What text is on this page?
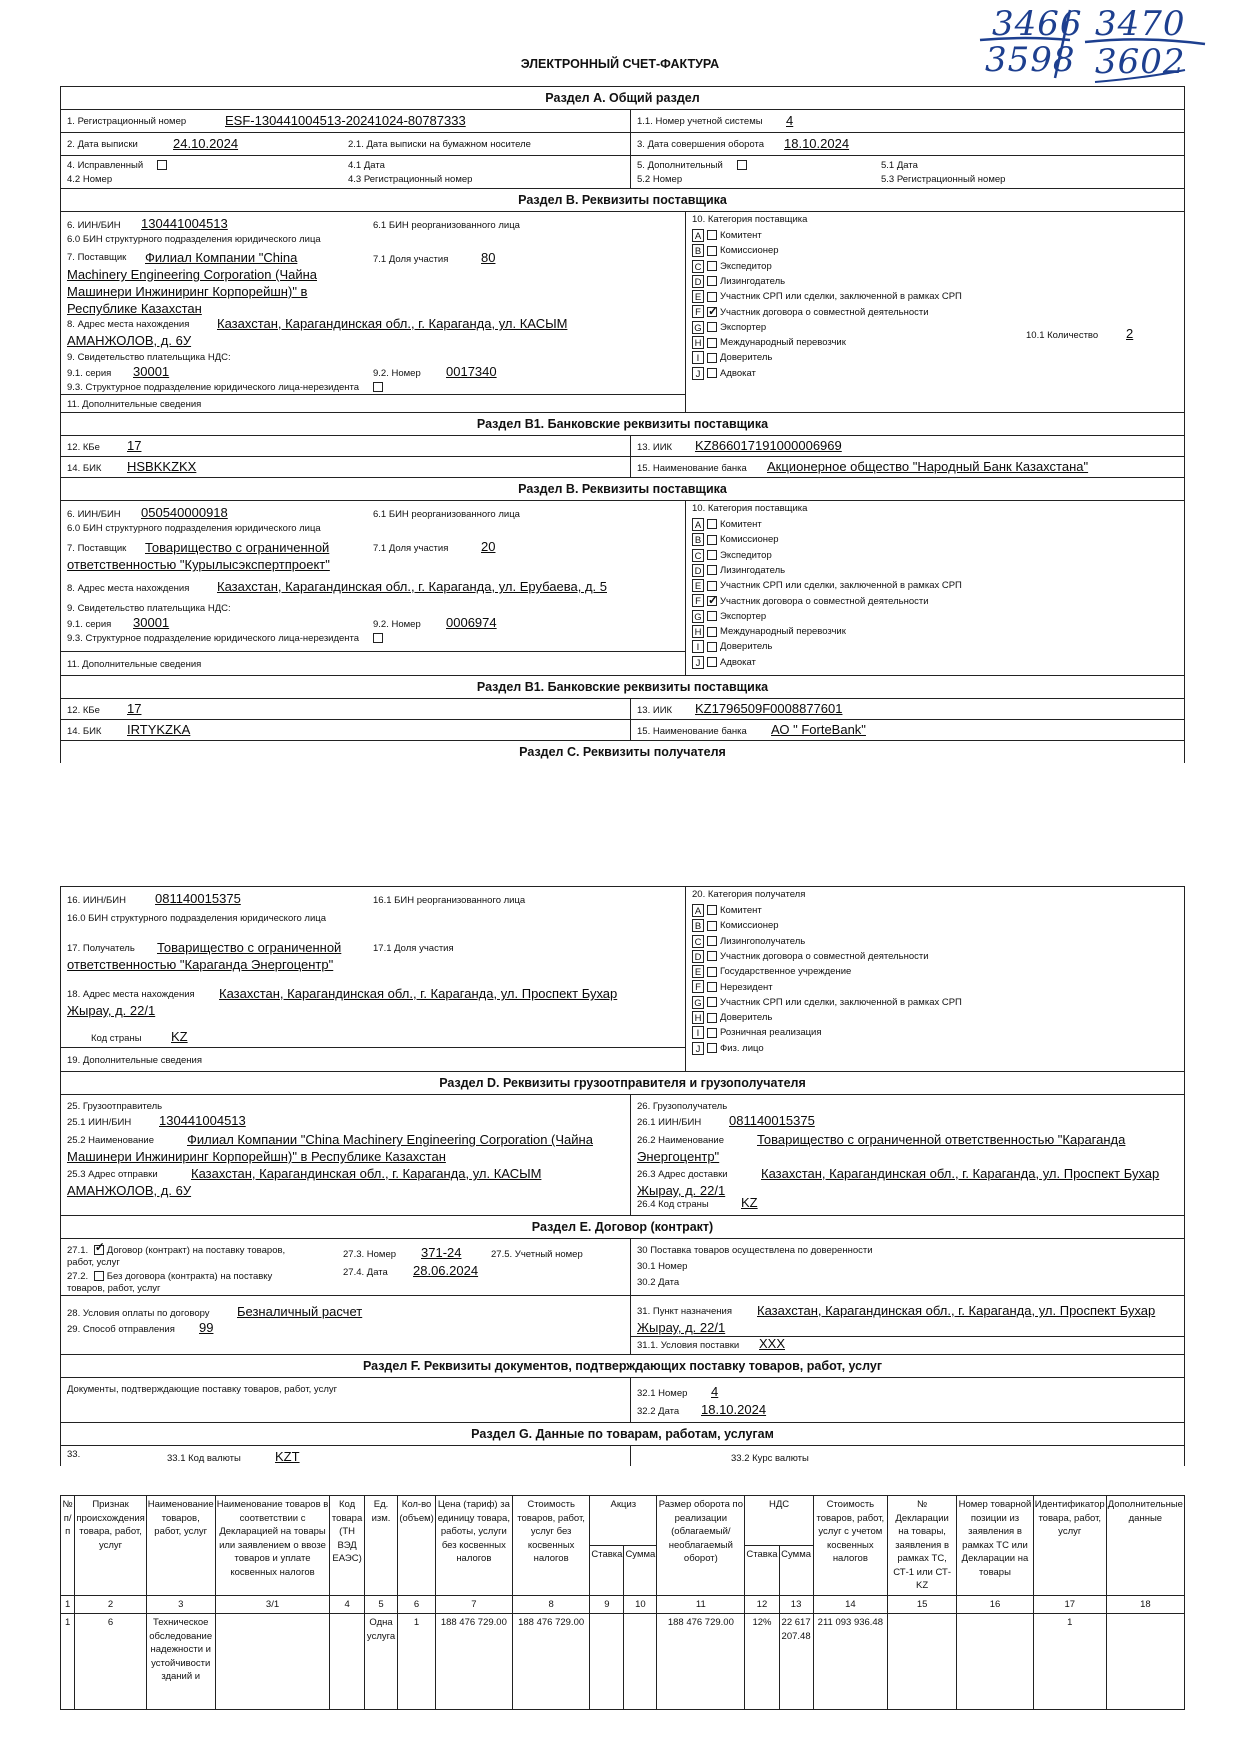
3466 3470
3598 3602
ЭЛЕКТРОННЫЙ СЧЕТ-ФАКТУРА
Раздел А. Общий раздел
1. Регистрационный номер	ESF-130441004513-20241024-80787333	1.1. Номер учетной системы 4
2. Дата выписки	24.10.2024	2.1. Дата выписки на бумажном носителе	3. Дата совершения оборота 18.10.2024
4. Исправленный
4.2 Номер
4.1 Дата
4.3 Регистрационный номер
5. Дополнительный
5.2 Номер
5.1 Дата
5.3 Регистрационный номер
Раздел В. Реквизиты поставщика
6. ИИН/БИН 130441004513	6.1 БИН реорганизованного лица
6.0 БИН структурного подразделения юридического лица
7. Поставщик	Филиал Компании "China Machinery Engineering Corporation (Чайна Машинери Инжиниринг Корпорейшн)" в Республике Казахстан
7.1 Доля участия	80
8. Адрес места нахождения	Казахстан, Карагандинская обл., г. Караганда, ул. КАСЫМ АМАНЖОЛОВ, д. 6У
9. Свидетельство плательщика НДС:
9.1. серия 30001	9.2. Номер 0017340
9.3. Структурное подразделение юридического лица-нерезидента
11. Дополнительные сведения
10. Категория поставщика
10.1 Количество 2
A Комитент
B Комиссионер
C Экспедитор
D Лизингодатель
E Участник СРП или сделки, заключенной в рамках СРП
F ✓ Участник договора о совместной деятельности
G Экспортер
H Международный перевозчик
I Доверитель
J Адвокат
Раздел В1. Банковские реквизиты поставщика
12. КБе 17	13. ИИК KZ866017191000006969
14. БИК HSBKKZKX	15. Наименование банка Акционерное общество "Народный Банк Казахстана"
Раздел В. Реквизиты поставщика
6. ИИН/БИН 050540000918	6.1 БИН реорганизованного лица
6.0 БИН структурного подразделения юридического лица
7. Поставщик	Товарищество с ограниченной ответственностью "Курылысэкспертпроект"
7.1 Доля участия	20
8. Адрес места нахождения Казахстан, Карагандинская обл., г. Караганда, ул. Ерубаева, д. 5
9. Свидетельство плательщика НДС:
9.1. серия 30001	9.2. Номер 0006974
9.3. Структурное подразделение юридического лица-нерезидента
11. Дополнительные сведения
10. Категория поставщика
A Комитент
B Комиссионер
C Экспедитор
D Лизингодатель
E Участник СРП или сделки, заключенной в рамках СРП
F ✓ Участник договора о совместной деятельности
G Экспортер
H Международный перевозчик
I Доверитель
J Адвокат
Раздел В1. Банковские реквизиты поставщика
12. КБе 17	13. ИИК KZ1796509F0008877601
14. БИК IRTYKZKA	15. Наименование банка АО " ForteBank"
Раздел С. Реквизиты получателя
16. ИИН/БИН 081140015375	16.1 БИН реорганизованного лица
16.0 БИН структурного подразделения юридического лица
17. Получатель	Товарищество с ограниченной ответственностью "Караганда Энергоцентр"
17.1 Доля участия
18. Адрес места нахождения	Казахстан, Карагандинская обл., г. Караганда, ул. Проспект Бухар Жырау, д. 22/1
Код страны KZ
19. Дополнительные сведения
20. Категория получателя
A Комитент
B Комиссионер
C Лизингополучатель
D Участник договора о совместной деятельности
E Государственное учреждение
F Нерезидент
G Участник СРП или сделки, заключенной в рамках СРП
H Доверитель
I Розничная реализация
J Физ. лицо
Раздел D. Реквизиты грузоотправителя и грузополучателя
25. Грузоотправитель
25.1 ИИН/БИН 130441004513
25.2 Наименование	Филиал Компании "China Machinery Engineering Corporation (Чайна Машинери Инжиниринг Корпорейшн)" в Республике Казахстан
25.3 Адрес отправки	Казахстан, Карагандинская обл., г. Караганда, ул. КАСЫМ АМАНЖОЛОВ, д. 6У
26. Грузополучатель
26.1 ИИН/БИН 081140015375
26.2 Наименование	Товарищество с ограниченной ответственностью "Караганда Энергоцентр"
26.3 Адрес доставки	Казахстан, Карагандинская обл., г. Караганда, ул. Проспект Бухар Жырау, д. 22/1
26.4 Код страны KZ
Раздел Е. Договор (контракт)
27.1. ✓ Договор (контракт) на поставку товаров, работ, услуг
27.2. Без договора (контракта) на поставку товаров, работ, услуг
27.3. Номер 371-24	27.5. Учетный номер
27.4. Дата 28.06.2024
30 Поставка товаров осуществлена по доверенности
30.1 Номер
30.2 Дата
28. Условия оплаты по договору Безналичный расчет
29. Способ отправления 99
31. Пункт назначения	Казахстан, Карагандинская обл., г. Караганда, ул. Проспект Бухар Жырау, д. 22/1
31.1. Условия поставки XXX
Раздел F. Реквизиты документов, подтверждающих поставку товаров, работ, услуг
Документы, подтверждающие поставку товаров, работ, услуг	32.1 Номер 4
32.2 Дата 18.10.2024
Раздел G. Данные по товарам, работам, услугам
33.	33.1 Код валюты	KZT	33.2 Курс валюты
№ п/п	Признак происхождения товара, работ, услуг	Наименование товаров, работ, услуг	Наименование товаров в соответствии с Декларацией на товары или заявлением о ввозе товаров и уплате косвенных налогов	Код товара (ТН ВЭД ЕАЭС)	Ед. изм.	Кол-во (объем)	Цена (тариф) за единицу товара, работы, услуги без косвенных налогов	Стоимость товаров, работ, услуг без косвенных налогов	Акциз		Размер оборота по реализации (облагаемый/необлагаемый оборот)	НДС		Стоимость товаров, работ, услуг с учетом косвенных налогов	№ Декларации на товары, заявления в рамках ТС, СТ-1 или СТ-KZ	Номер товарной позиции из заявления в рамках ТС или Декларации на товары	Идентификатор товара, работ, услуг	Дополнительные данные
									Ставка	Сумма		Ставка	Сумма					
1	2	3	3/1	4	5	6	7	8	9	10	11	12	13	14	15	16	17	18
1	6	Техническое обследование надежности и устойчивости зданий и			Одна услуга	1	188 476 729.00	188 476 729.00			188 476 729.00	12%	22 617 207.48	211 093 936.48			1	
